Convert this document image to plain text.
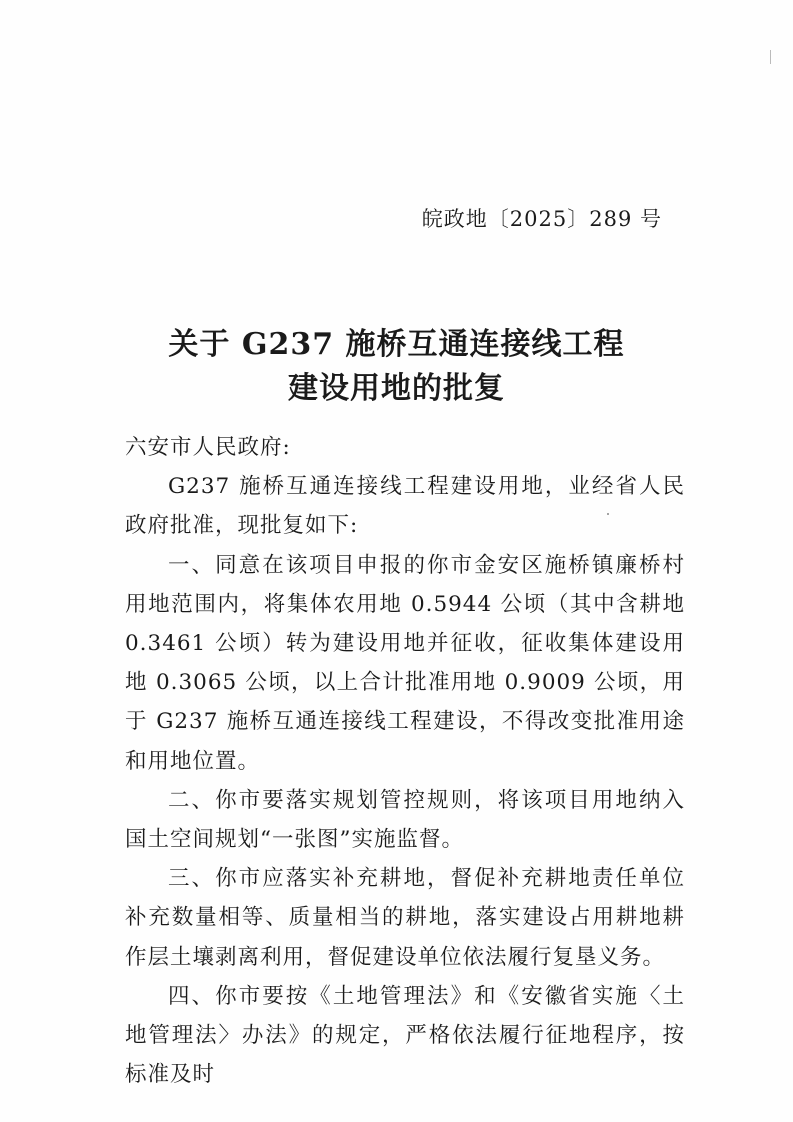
皖政地〔2025〕289 号
关于 G237 施桥互通连接线工程
建设用地的批复

六安市人民政府:

G237 施桥互通连接线工程建设用地，业经省人民政府批准，现批复如下:

一、同意在该项目申报的你市金安区施桥镇廉桥村用地范围内，将集体农用地 0.5944 公顷（其中含耕地 0.3461 公顷）转为建设用地并征收，征收集体建设用地 0.3065 公顷，以上合计批准用地 0.9009 公顷，用于 G237 施桥互通连接线工程建设，不得改变批准用途和用地位置。

二、你市要落实规划管控规则，将该项目用地纳入国土空间规划“一张图”实施监督。

三、你市应落实补充耕地，督促补充耕地责任单位补充数量相等、质量相当的耕地，落实建设占用耕地耕作层土壤剥离利用，督促建设单位依法履行复垦义务。

四、你市要按《土地管理法》和《安徽省实施〈土地管理法〉办法》的规定，严格依法履行征地程序，按标准及时
